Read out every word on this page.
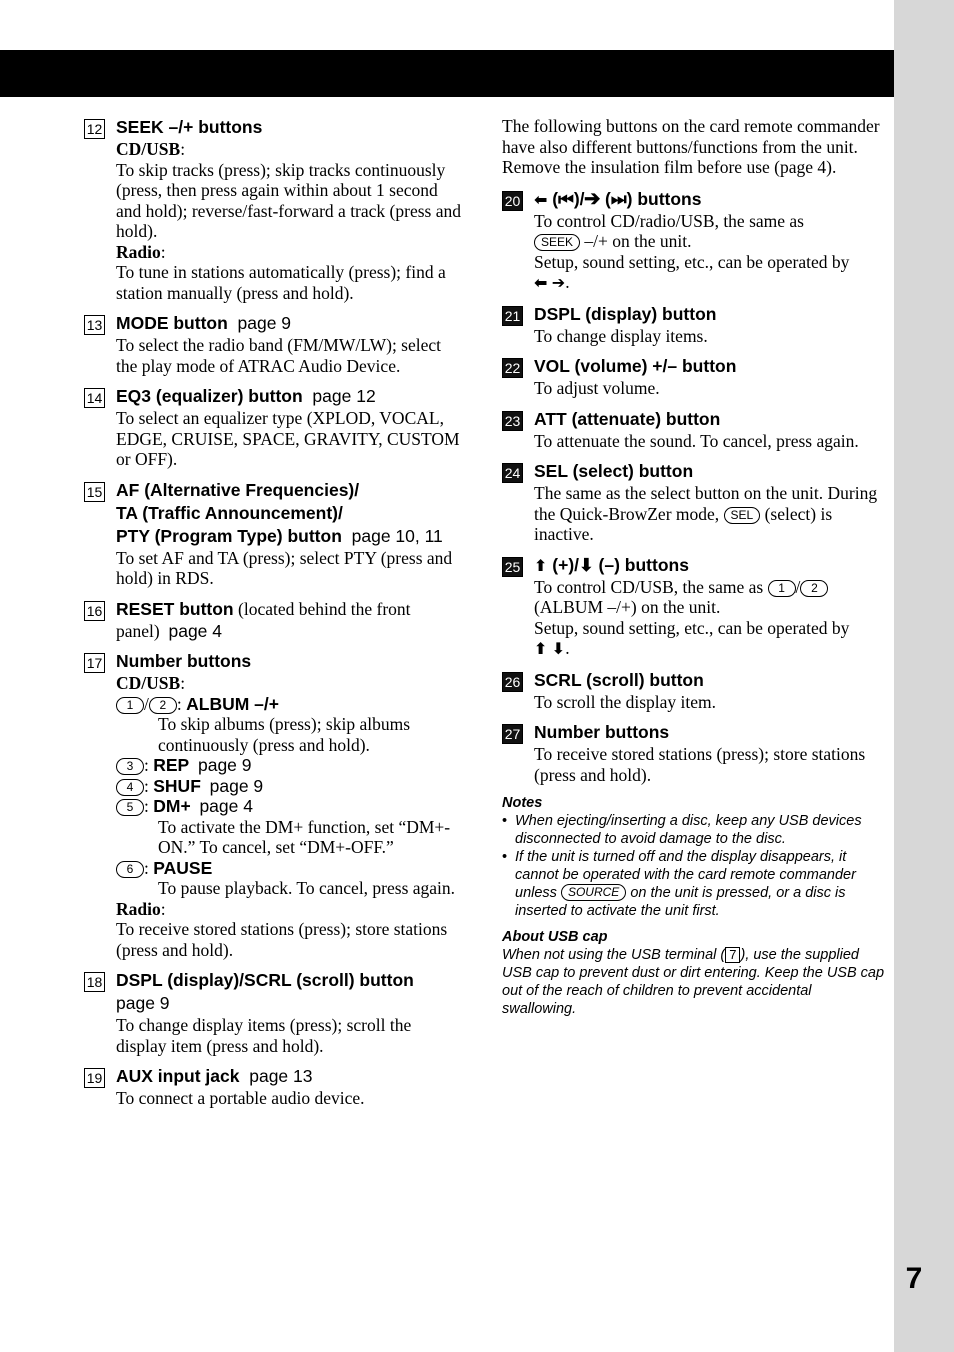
7
12 SEEK –/+ buttons
CD/USB:
To skip tracks (press); skip tracks continuously (press, then press again within about 1 second and hold); reverse/fast-forward a track (press and hold).
Radio:
To tune in stations automatically (press); find a station manually (press and hold).
13 MODE button page 9
To select the radio band (FM/MW/LW); select the play mode of ATRAC Audio Device.
14 EQ3 (equalizer) button page 12
To select an equalizer type (XPLOD, VOCAL, EDGE, CRUISE, SPACE, GRAVITY, CUSTOM or OFF).
15 AF (Alternative Frequencies)/
TA (Traffic Announcement)/
PTY (Program Type) button page 10, 11
To set AF and TA (press); select PTY (press and hold) in RDS.
16 RESET button (located behind the front panel) page 4
17 Number buttons
CD/USB:
1 / 2 : ALBUM –/+
To skip albums (press); skip albums continuously (press and hold).
3 : REP page 9
4 : SHUF page 9
5 : DM+ page 4
To activate the DM+ function, set “DM+-ON.” To cancel, set “DM+-OFF.”
6 : PAUSE
To pause playback. To cancel, press again.
Radio:
To receive stored stations (press); store stations (press and hold).
18 DSPL (display)/SCRL (scroll) button
page 9
To change display items (press); scroll the display item (press and hold).
19 AUX input jack page 13
To connect a portable audio device.
The following buttons on the card remote commander have also different buttons/functions from the unit. Remove the insulation film before use (page 4).
20 ⬅ (⏮)/➔ (⏭) buttons
To control CD/radio/USB, the same as
SEEK –/+ on the unit.
Setup, sound setting, etc., can be operated by
⬅ ➔.
21 DSPL (display) button
To change display items.
22 VOL (volume) +/– button
To adjust volume.
23 ATT (attenuate) button
To attenuate the sound. To cancel, press again.
24 SEL (select) button
The same as the select button on the unit. During the Quick-BrowZer mode, SEL (select) is inactive.
25 ⬆ (+)/⬇ (–) buttons
To control CD/USB, the same as 1 / 2
(ALBUM –/+) on the unit.
Setup, sound setting, etc., can be operated by
⬆ ⬇.
26 SCRL (scroll) button
To scroll the display item.
27 Number buttons
To receive stored stations (press); store stations (press and hold).
Notes
• When ejecting/inserting a disc, keep any USB devices disconnected to avoid damage to the disc.
• If the unit is turned off and the display disappears, it cannot be operated with the card remote commander unless SOURCE on the unit is pressed, or a disc is inserted to activate the unit first.
About USB cap
When not using the USB terminal ( 7 ), use the supplied USB cap to prevent dust or dirt entering. Keep the USB cap out of the reach of children to prevent accidental swallowing.
